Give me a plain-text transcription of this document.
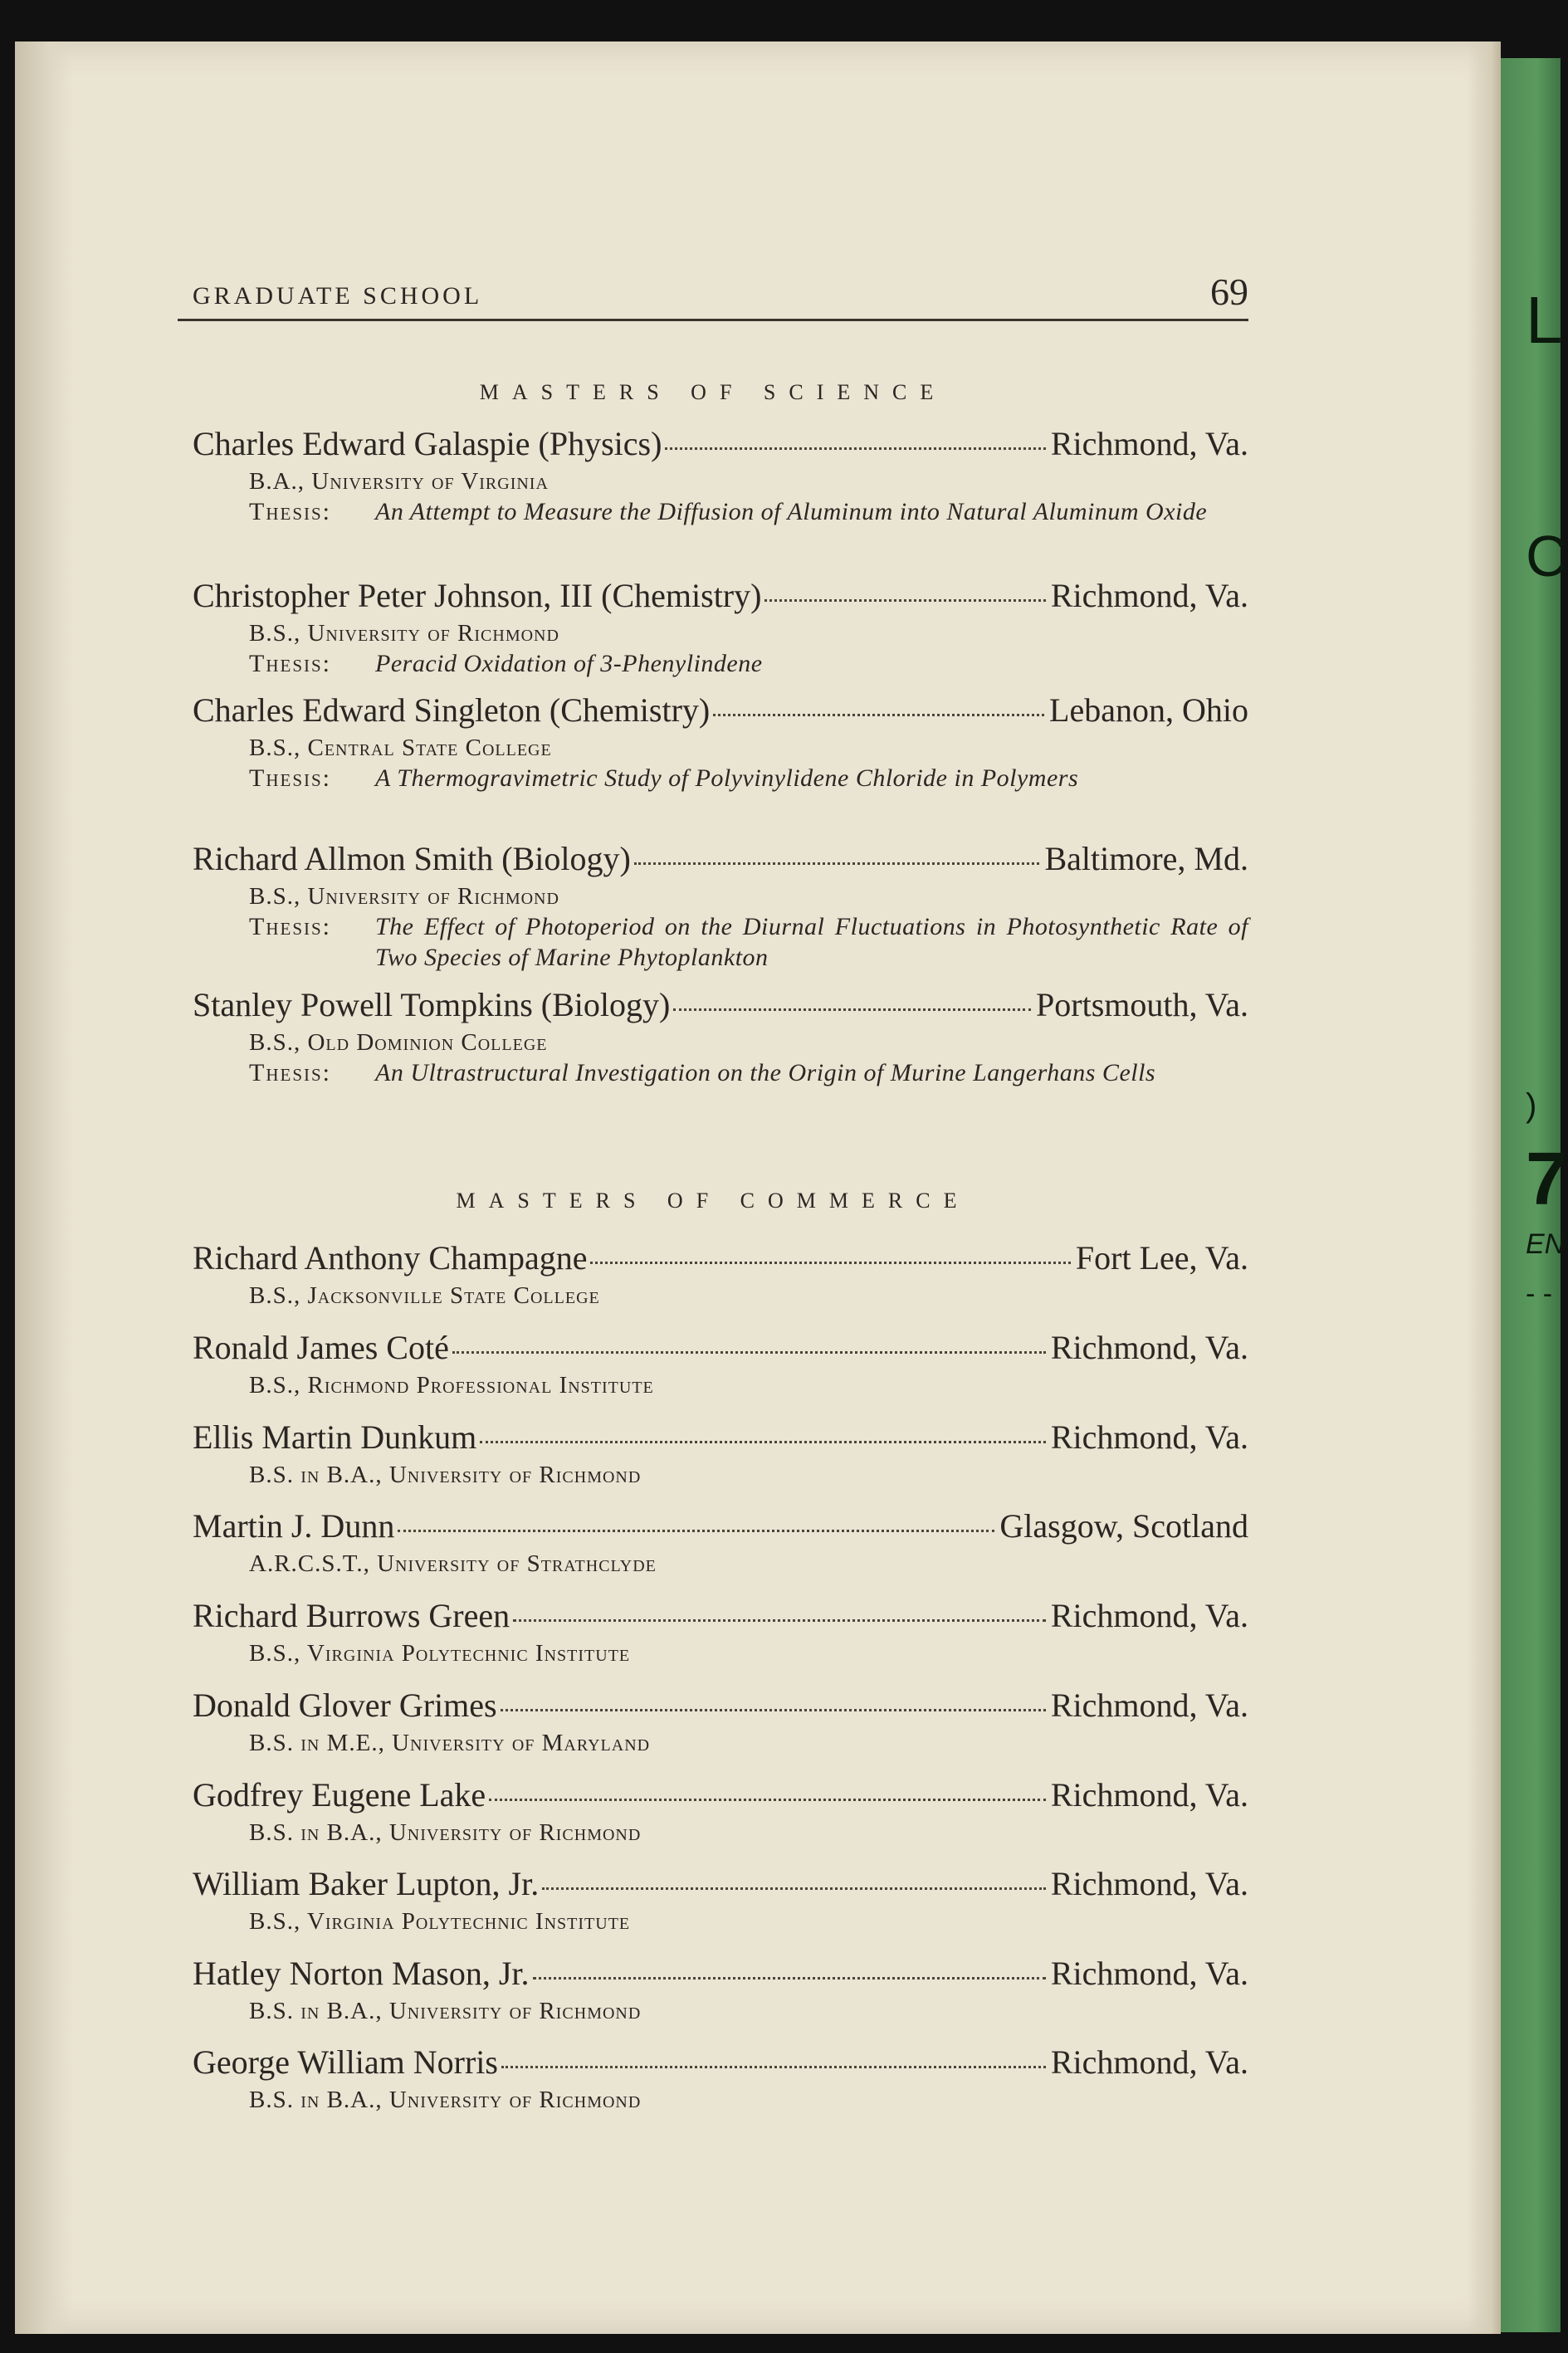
L
C
)
7
EN
- -
GRADUATE SCHOOL	69
MASTERS OF SCIENCE
Charles Edward Galaspie (Physics)	Richmond, Va.
B.A., University of Virginia
Thesis:	An Attempt to Measure the Diffusion of Aluminum into Natural Aluminum Oxide
Christopher Peter Johnson, III (Chemistry)	Richmond, Va.
B.S., University of Richmond
Thesis:	Peracid Oxidation of 3-Phenylindene
Charles Edward Singleton (Chemistry)	Lebanon, Ohio
B.S., Central State College
Thesis:	A Thermogravimetric Study of Polyvinylidene Chloride in Polymers
Richard Allmon Smith (Biology)	Baltimore, Md.
B.S., University of Richmond
Thesis:	The Effect of Photoperiod on the Diurnal Fluctuations in Photosynthetic Rate of Two Species of Marine Phytoplankton
Stanley Powell Tompkins (Biology)	Portsmouth, Va.
B.S., Old Dominion College
Thesis:	An Ultrastructural Investigation on the Origin of Murine Langerhans Cells
MASTERS OF COMMERCE
Richard Anthony Champagne	Fort Lee, Va.
B.S., Jacksonville State College
Ronald James Coté	Richmond, Va.
B.S., Richmond Professional Institute
Ellis Martin Dunkum	Richmond, Va.
B.S. in B.A., University of Richmond
Martin J. Dunn	Glasgow, Scotland
A.R.C.S.T., University of Strathclyde
Richard Burrows Green	Richmond, Va.
B.S., Virginia Polytechnic Institute
Donald Glover Grimes	Richmond, Va.
B.S. in M.E., University of Maryland
Godfrey Eugene Lake	Richmond, Va.
B.S. in B.A., University of Richmond
William Baker Lupton, Jr.	Richmond, Va.
B.S., Virginia Polytechnic Institute
Hatley Norton Mason, Jr.	Richmond, Va.
B.S. in B.A., University of Richmond
George William Norris	Richmond, Va.
B.S. in B.A., University of Richmond
